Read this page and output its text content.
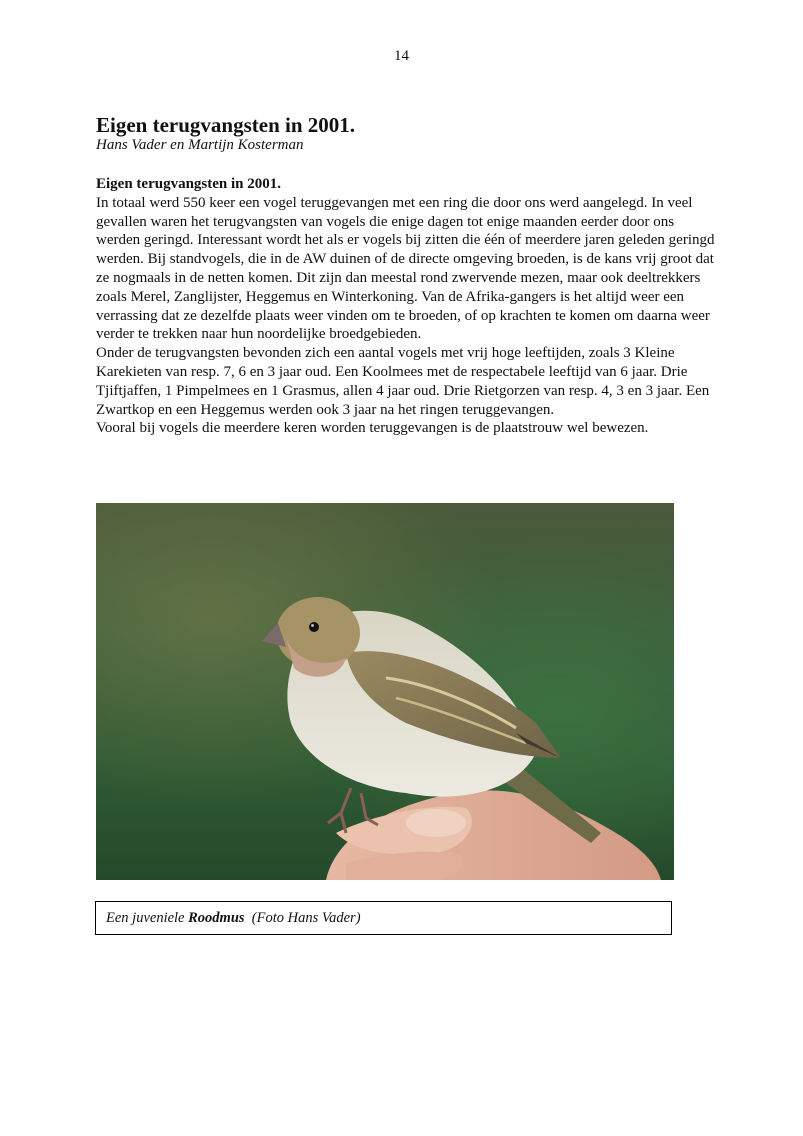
14
Eigen terugvangsten in 2001.
Hans Vader en Martijn Kosterman
Eigen terugvangsten in 2001.

In totaal werd 550 keer een vogel teruggevangen met een ring die door ons werd aangelegd. In veel gevallen waren het terugvangsten van vogels die enige dagen tot enige maanden eerder door ons werden geringd. Interessant wordt het als er vogels bij zitten die één of meerdere jaren geleden geringd werden. Bij standvogels, die in de AW duinen of de directe omgeving broeden, is de kans vrij groot dat ze nogmaals in de netten komen. Dit zijn dan meestal rond zwervende mezen, maar ook deeltrekkers zoals Merel, Zanglijster, Heggemus en Winterkoning. Van de Afrika-gangers is het altijd weer een verrassing dat ze dezelfde plaats weer vinden om te broeden, of op krachten te komen om daarna weer verder te trekken naar hun noordelijke broedgebieden.

Onder de terugvangsten bevonden zich een aantal vogels met vrij hoge leeftijden, zoals 3 Kleine Karekieten van resp. 7, 6 en 3 jaar oud. Een Koolmees met de respectabele leeftijd van 6 jaar. Drie Tjiftjaffen, 1 Pimpelmees en 1 Grasmus, allen 4 jaar oud. Drie Rietgorzen van resp. 4, 3 en 3 jaar. Een Zwartkop en een Heggemus werden ook 3 jaar na het ringen teruggevangen.

Vooral bij vogels die meerdere keren worden teruggevangen is de plaatstrouw wel bewezen.

Een juveniele Roodmus (Foto Hans Vader)
